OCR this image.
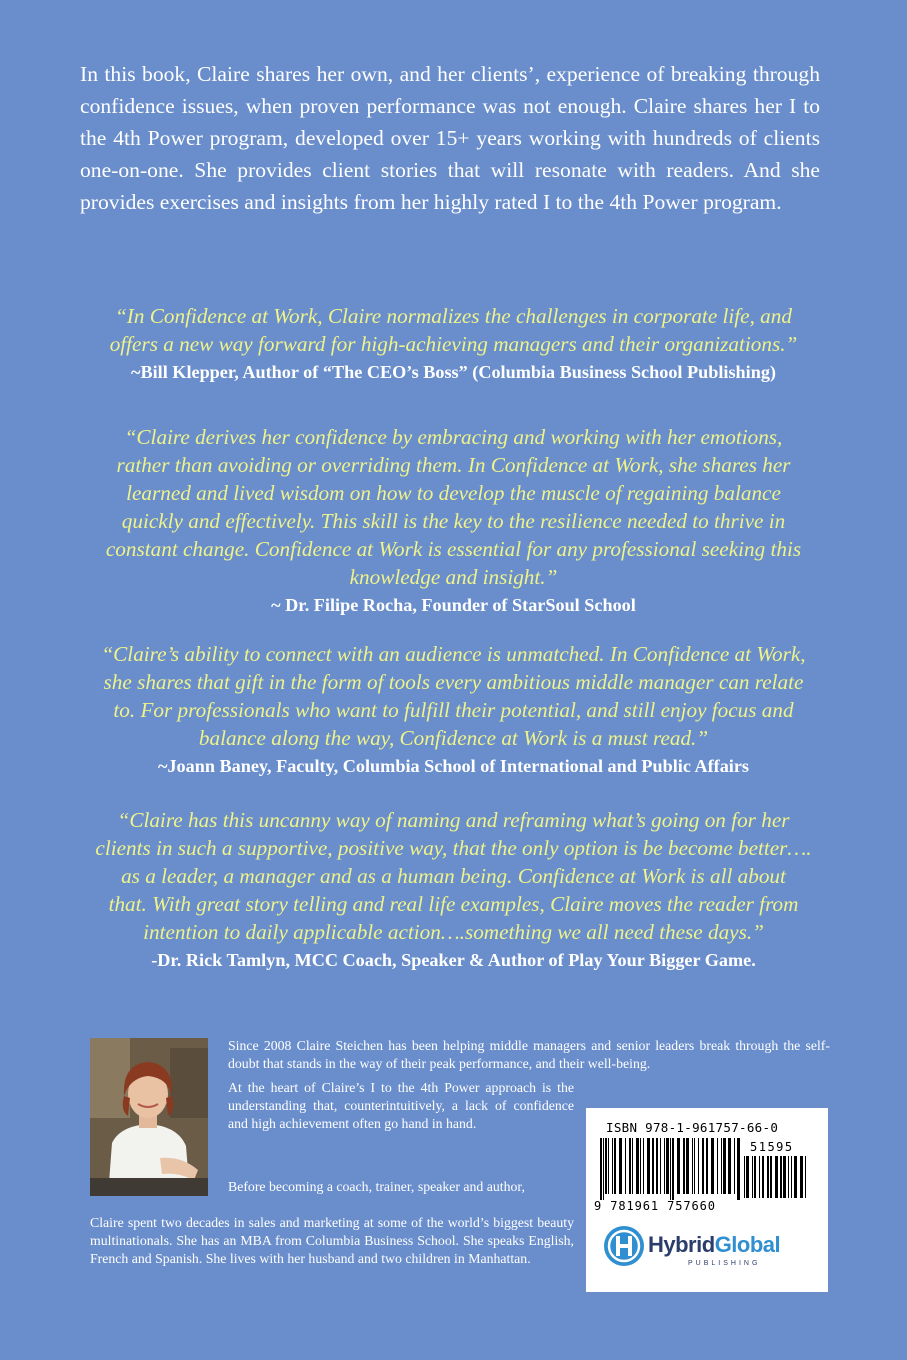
In this book, Claire shares her own, and her clients’, experience of breaking through confidence issues, when proven performance was not enough. Claire shares her I to the 4th Power program, developed over 15+ years working with hundreds of clients one-on-one. She provides client stories that will resonate with readers. And she provides exercises and insights from her highly rated I to the 4th Power program.

“In Confidence at Work, Claire normalizes the challenges in corporate life, and
offers a new way forward for high-achieving managers and their organizations.”

~Bill Klepper, Author of “The CEO’s Boss” (Columbia Business School Publishing)

“Claire derives her confidence by embracing and working with her emotions,
rather than avoiding or overriding them. In Confidence at Work, she shares her
learned and lived wisdom on how to develop the muscle of regaining balance
quickly and effectively. This skill is the key to the resilience needed to thrive in
constant change. Confidence at Work is essential for any professional seeking this
knowledge and insight.”

~ Dr. Filipe Rocha, Founder of StarSoul School

“Claire’s ability to connect with an audience is unmatched. In Confidence at Work,
she shares that gift in the form of tools every ambitious middle manager can relate
to. For professionals who want to fulfill their potential, and still enjoy focus and
balance along the way, Confidence at Work is a must read.”

~Joann Baney, Faculty, Columbia School of International and Public Affairs

“Claire has this uncanny way of naming and reframing what’s going on for her
clients in such a supportive, positive way, that the only option is be become better….
as a leader, a manager and as a human being. Confidence at Work is all about
that. With great story telling and real life examples, Claire moves the reader from
intention to daily applicable action….something we all need these days.”

-Dr. Rick Tamlyn, MCC Coach, Speaker & Author of Play Your Bigger Game.

Since 2008 Claire Steichen has been helping middle managers and senior leaders break through the self-doubt that stands in the way of their peak performance, and their well-being.

At the heart of Claire’s I to the 4th Power approach is the understanding that, counterintuitively, a lack of confidence and high achievement often go hand in hand.

Before becoming a coach, trainer, speaker and author,

Claire spent two decades in sales and marketing at some of the world’s biggest beauty multinationals. She has an MBA from Columbia Business School. She speaks English, French and Spanish. She lives with her husband and two children in Manhattan.

ISBN 978-1-961757-66-0
51595
9 781961 757660
HybridGlobal
PUBLISHING
